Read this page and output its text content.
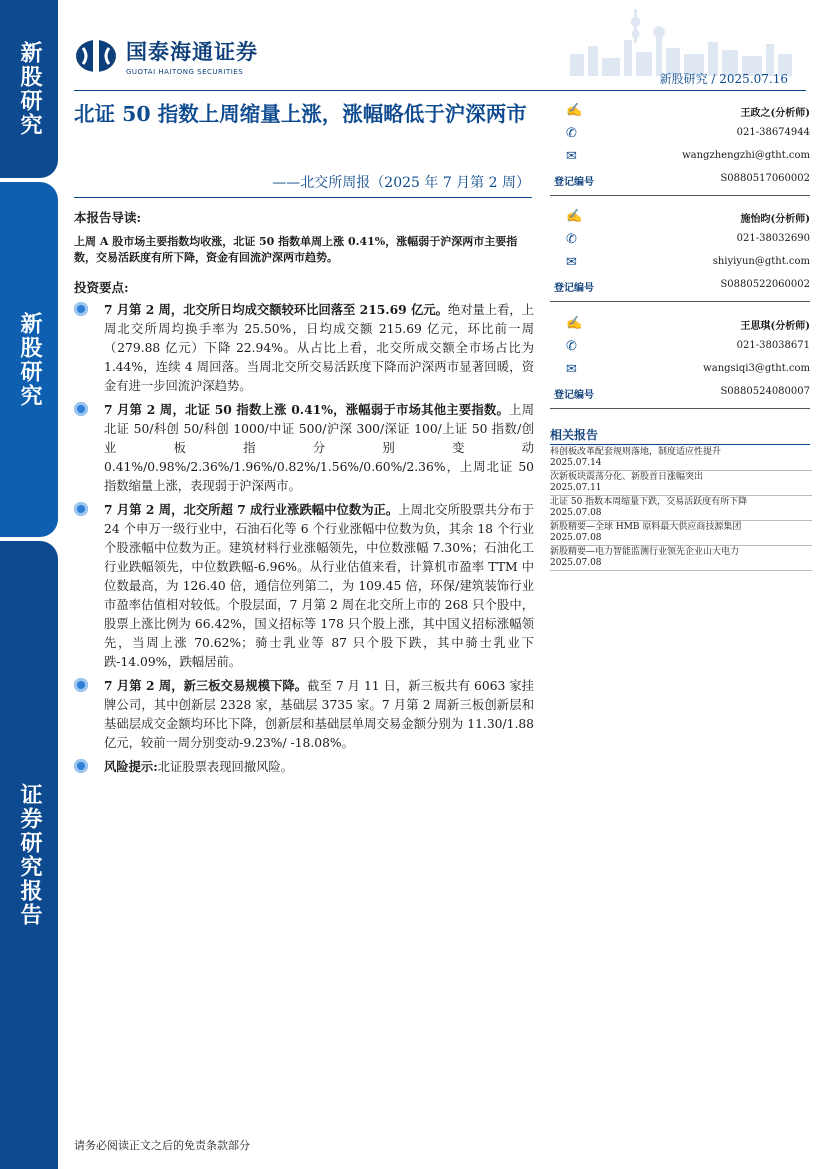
新股研究
新股研究
证券研究报告
国泰海通证券
GUOTAI HAITONG SECURITIES	新股研究 / 2025.07.16
北证 50 指数上周缩量上涨，涨幅略低于沪深两市
——北交所周报（2025 年 7 月第 2 周）
本报告导读:
上周 A 股市场主要指数均收涨，北证 50 指数单周上涨 0.41%，涨幅弱于沪深两市主要指数，交易活跃度有所下降，资金有回流沪深两市趋势。
投资要点:
7 月第 2 周，北交所日均成交额较环比回落至 215.69 亿元。绝对量上看，上周北交所周均换手率为 25.50%，日均成交额 215.69 亿元，环比前一周（279.88 亿元）下降 22.94%。从占比上看，北交所成交额全市场占比为 1.44%，连续 4 周回落。当周北交所交易活跃度下降而沪深两市显著回暖，资金有进一步回流沪深趋势。
7 月第 2 周，北证 50 指数上涨 0.41%，涨幅弱于市场其他主要指数。上周北证 50/科创 50/科创 1000/中证 500/沪深 300/深证 100/上证 50 指数/创业板指分别变动 0.41%/0.98%/2.36%/1.96%/0.82%/1.56%/0.60%/2.36%，上周北证 50 指数缩量上涨，表现弱于沪深两市。
7 月第 2 周，北交所超 7 成行业涨跌幅中位数为正。上周北交所股票共分布于 24 个申万一级行业中，石油石化等 6 个行业涨幅中位数为负，其余 18 个行业个股涨幅中位数为正。建筑材料行业涨幅领先，中位数涨幅 7.30%；石油化工行业跌幅领先，中位数跌幅-6.96%。从行业估值来看，计算机市盈率 TTM 中位数最高，为 126.40 倍，通信位列第二，为 109.45 倍，环保/建筑装饰行业市盈率估值相对较低。个股层面，7 月第 2 周在北交所上市的 268 只个股中，股票上涨比例为 66.42%，国义招标等 178 只个股上涨，其中国义招标涨幅领先，当周上涨 70.62%；骑士乳业等 87 只个股下跌，其中骑士乳业下跌-14.09%，跌幅居前。
7 月第 2 周，新三板交易规模下降。截至 7 月 11 日，新三板共有 6063 家挂牌公司，其中创新层 2328 家，基础层 3735 家。7 月第 2 周新三板创新层和基础层成交金额均环比下降，创新层和基础层单周交易金额分别为 11.30/1.88 亿元，较前一周分别变动-9.23%/ -18.08%。
风险提示:北证股票表现回撤风险。
✍	王政之(分析师)
✆	021-38674944
✉	wangzhengzhi@gtht.com
登记编号	S0880517060002
✍	施怡昀(分析师)
✆	021-38032690
✉	shiyiyun@gtht.com
登记编号	S0880522060002
✍	王思琪(分析师)
✆	021-38038671
✉	wangsiqi3@gtht.com
登记编号	S0880524080007
相关报告
科创板改革配套规则落地，制度适应性提升
2025.07.14
次新板块震荡分化、新股首日涨幅突出
2025.07.11
北证 50 指数本周缩量下跌，交易活跃度有所下降
2025.07.08
新股精要—全球 HMB 原料最大供应商技源集团
2025.07.08
新股精要—电力智能监测行业领先企业山大电力
2025.07.08
请务必阅读正文之后的免责条款部分
